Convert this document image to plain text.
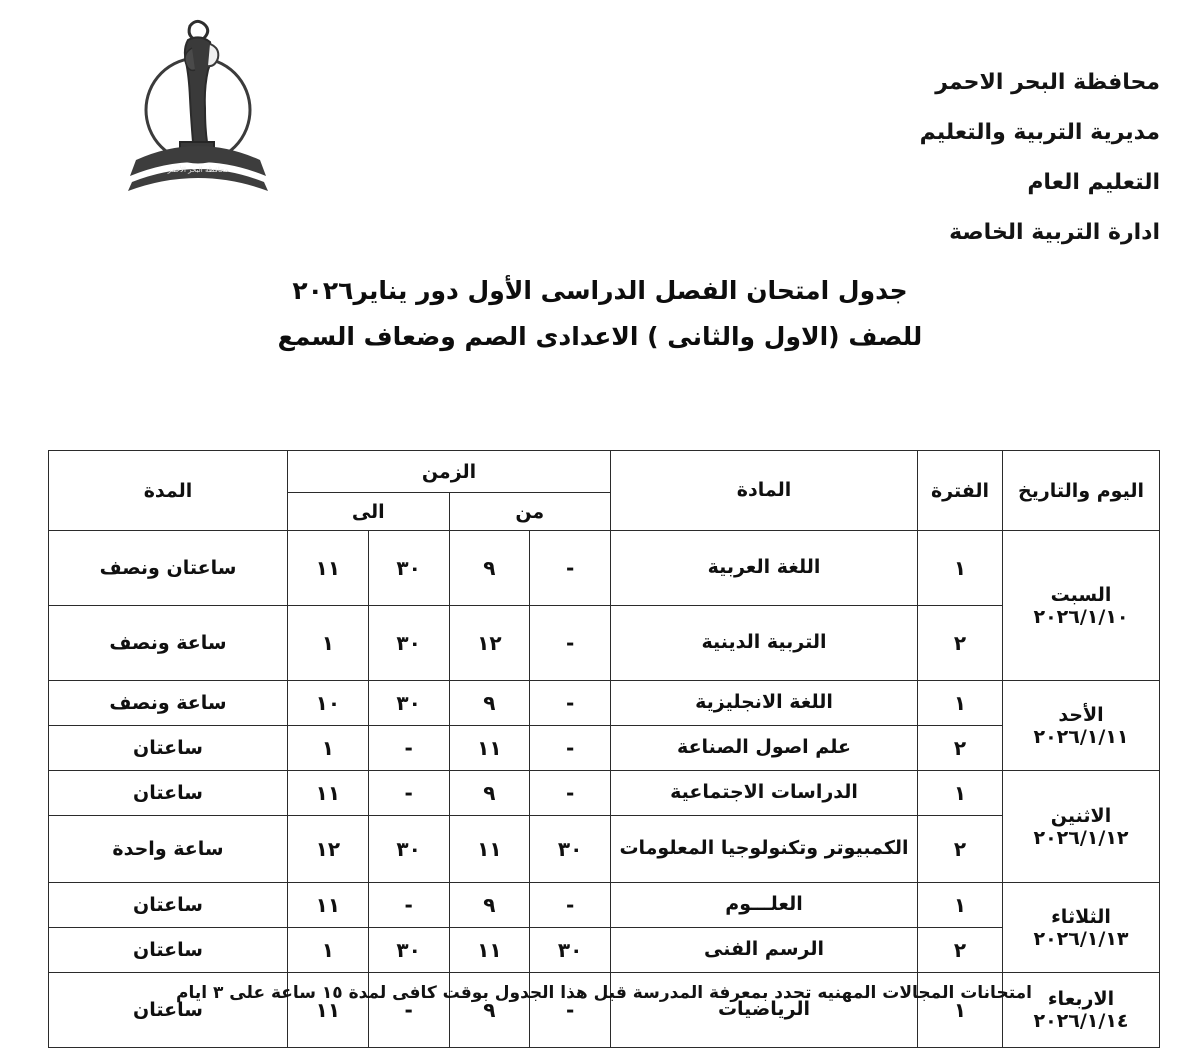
محافظة البحر الأحمر
محافظة البحر الاحمر
مديرية التربية والتعليم
التعليم العام
ادارة التربية الخاصة
جدول امتحان الفصل الدراسى الأول دور يناير٢٠٢٦
للصف (الاول والثانى ) الاعدادى الصم وضعاف السمع
اليوم والتاريخ	الفترة	المادة	الزمن				المدة
			من		الى		

السبت
٢٠٢٦/١/١٠	١	اللغة العربية	-	٩	٣٠	١١	ساعتان ونصف
	٢	التربية الدينية	-	١٢	٣٠	١	ساعة ونصف

الأحد
٢٠٢٦/١/١١	١	اللغة الانجليزية	-	٩	٣٠	١٠	ساعة ونصف
	٢	علم اصول الصناعة	-	١١	-	١	ساعتان

الاثنين
٢٠٢٦/١/١٢	١	الدراسات الاجتماعية	-	٩	-	١١	ساعتان
	٢	الكمبيوتر وتكنولوجيا المعلومات	٣٠	١١	٣٠	١٢	ساعة واحدة

الثلاثاء
٢٠٢٦/١/١٣	١	العلـــوم	-	٩	-	١١	ساعتان
	٢	الرسم الفنى	٣٠	١١	٣٠	١	ساعتان

الاربعاء
٢٠٢٦/١/١٤	١	الرياضيات	-	٩	-	١١	ساعتان
امتحانات المجالات المهنيه تحدد بمعرفة المدرسة قبل هذا الجدول بوقت كافى لمدة ١٥ ساعة على ٣ ايام
